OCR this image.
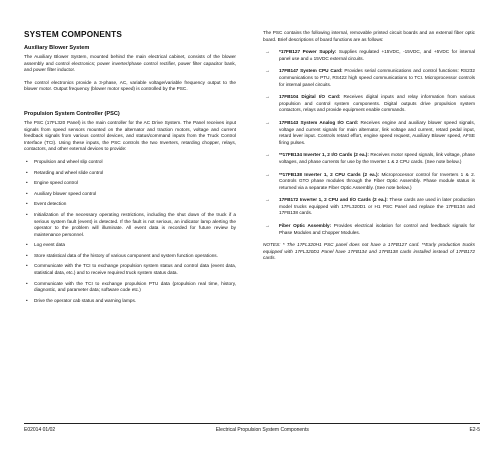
SYSTEM COMPONENTS
Auxiliary Blower System

The Auxiliary Blower System, mounted behind the main electrical cabinet, consists of the blower assembly and control electronics; power inverter/phase control rectifier, power filter capacitor bank, and power filter inductor.

The control electronics provide a 3-phase, AC, variable voltage/variable frequency output to the blower motor. Output frequency (blower motor speed) is controlled by the PSC.

Propulsion System Controller (PSC)

The PSC (17FL320 Panel) is the main controller for the AC Drive System. The Panel receives input signals from speed sensors mounted on the alternator and traction motors, voltage and current feedback signals from various control devices, and status/command inputs from the Truck Control Interface (TCI). Using these inputs, the PSC controls the two Inverters, retarding chopper, relays, contactors, and other external devices to provide:

• Propulsion and wheel slip control
• Retarding and wheel slide control
• Engine speed control
• Auxiliary blower speed control
• Event detection
• Initialization of the necessary operating restrictions, including the shut down of the truck if a serious system fault (event) is detected. If the fault is not serious, an indicator lamp alerting the operator to the problem will illuminate. All event data is recorded for future review by maintenance personnel.
• Log event data
• Store statistical data of the history of various component and system function operations.
• Communicate with the TCI to exchange propulsion system status and control data (event data, statistical data, etc.) and to receive required truck system status data.
• Communicate with the TCI to exchange propulsion PTU data (propulsion real time, history, diagnostic, and parameter data; software code etc.)
• Drive the operator cab status and warning lamps.

The PSC contains the following internal, removable printed circuit boards and an external fiber optic board. Brief descriptions of board functions are as follows:

→ *17FB127 Power Supply: Supplies regulated +15VDC, -15VDC, and +5VDC for internal panel use and ± 15VDC external circuits.
→ 17FB147 System CPU Card: Provides serial communications and control functions: RS232 communications to PTU, RS422 high speed communications to TCI. Microprocessor controls for internal panel circuits.
→ 17FB104 Digital I/O Card: Receives digital inputs and relay information from various propulsion and control system components. Digital outputs drive propulsion system contactors, relays and provide equipment enable commands.
→ 17FB143 System Analog I/O Card: Receives engine and auxiliary blower speed signals, voltage and current signals for main alternator, link voltage and current, retard pedal input, retard lever input. Controls retard effort, engine speed request, Auxiliary Blower speed, AFSE firing pulses.
→ **17FB134 Inverter 1, 2 I/O Cards (2 ea.): Receives motor speed signals, link voltage, phase voltages, and phase currents for use by the Inverter 1 & 2 CPU cards. (See note below.)
→ **17FB138 Inverter 1, 2 CPU Cards (2 ea.): Microprocessor control for Inverters 1 & 2. Controls GTO phase modules through the Fiber Optic Assembly. Phase module status is returned via a separate Fiber Optic Assembly. (See note below.)
→ 17FB172 Inverter 1, 2 CPU and I/O Cards (2 ea.): These cards are used in later production model trucks equipped with 17FL320D1 or H1 PSC Panel and replace the 17FB134 and 17FB138 cards.
→ Fiber Optic Assembly: Provides electrical isolation for control and feedback signals for Phase Modules and Chopper Modules.

NOTES: * The 17FL320H1 PSC panel does not have a 17FB127 card. **Early production trucks equipped with 17FL320D1 Panel have 17FB134 and 17FB138 cards installed instead of 17FB172 cards.

E02014 01/02	Electrical Propulsion System Components	E2-5
